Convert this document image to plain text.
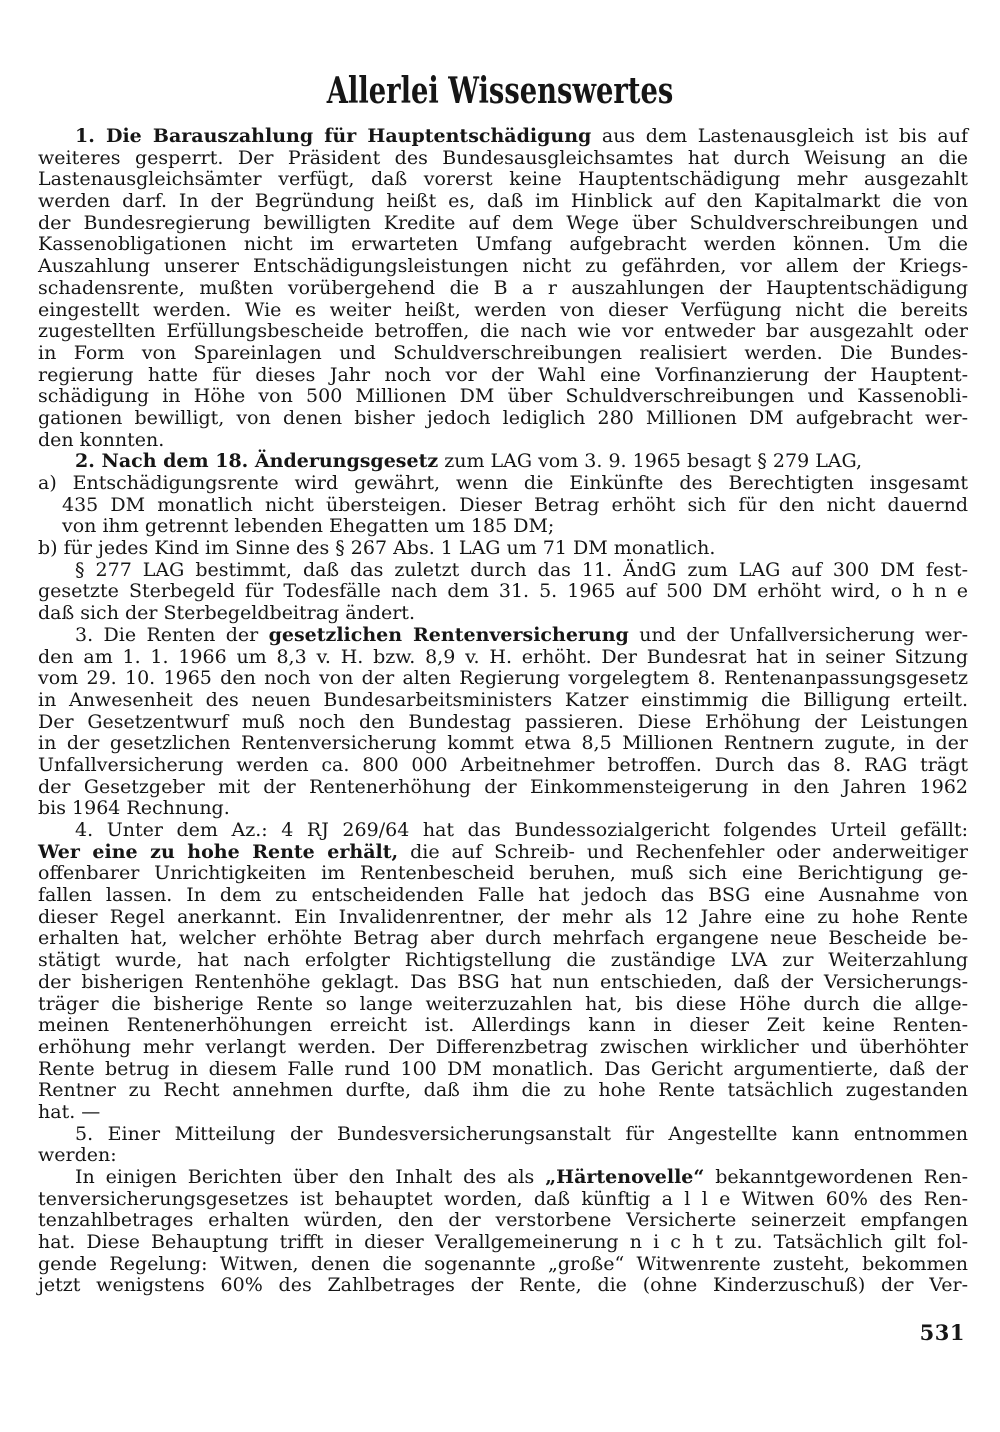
Allerlei Wissenswertes
1. Die Barauszahlung für Hauptentschädigung aus dem Lastenausgleich ist bis auf
weiteres gesperrt. Der Präsident des Bundesausgleichsamtes hat durch Weisung an die
Lastenausgleichsämter verfügt, daß vorerst keine Hauptentschädigung mehr ausgezahlt
werden darf. In der Begründung heißt es, daß im Hinblick auf den Kapitalmarkt die von
der Bundesregierung bewilligten Kredite auf dem Wege über Schuldverschreibungen und
Kassenobligationen nicht im erwarteten Umfang aufgebracht werden können. Um die
Auszahlung unserer Entschädigungsleistungen nicht zu gefährden, vor allem der Kriegs-
schadensrente, mußten vorübergehend die B a r auszahlungen der Hauptentschädigung
eingestellt werden. Wie es weiter heißt, werden von dieser Verfügung nicht die bereits
zugestellten Erfüllungsbescheide betroffen, die nach wie vor entweder bar ausgezahlt oder
in Form von Spareinlagen und Schuldverschreibungen realisiert werden. Die Bundes-
regierung hatte für dieses Jahr noch vor der Wahl eine Vorfinanzierung der Hauptent-
schädigung in Höhe von 500 Millionen DM über Schuldverschreibungen und Kassenobli-
gationen bewilligt, von denen bisher jedoch lediglich 280 Millionen DM aufgebracht wer-
den konnten.
2. Nach dem 18. Änderungsgesetz zum LAG vom 3. 9. 1965 besagt § 279 LAG,
a) Entschädigungsrente wird gewährt, wenn die Einkünfte des Berechtigten insgesamt
435 DM monatlich nicht übersteigen. Dieser Betrag erhöht sich für den nicht dauernd
von ihm getrennt lebenden Ehegatten um 185 DM;
b) für jedes Kind im Sinne des § 267 Abs. 1 LAG um 71 DM monatlich.
§ 277 LAG bestimmt, daß das zuletzt durch das 11. ÄndG zum LAG auf 300 DM fest-
gesetzte Sterbegeld für Todesfälle nach dem 31. 5. 1965 auf 500 DM erhöht wird, o h n e
daß sich der Sterbegeldbeitrag ändert.
3. Die Renten der gesetzlichen Rentenversicherung und der Unfallversicherung wer-
den am 1. 1. 1966 um 8,3 v. H. bzw. 8,9 v. H. erhöht. Der Bundesrat hat in seiner Sitzung
vom 29. 10. 1965 den noch von der alten Regierung vorgelegtem 8. Rentenanpassungsgesetz
in Anwesenheit des neuen Bundesarbeitsministers Katzer einstimmig die Billigung erteilt.
Der Gesetzentwurf muß noch den Bundestag passieren. Diese Erhöhung der Leistungen
in der gesetzlichen Rentenversicherung kommt etwa 8,5 Millionen Rentnern zugute, in der
Unfallversicherung werden ca. 800 000 Arbeitnehmer betroffen. Durch das 8. RAG trägt
der Gesetzgeber mit der Rentenerhöhung der Einkommensteigerung in den Jahren 1962
bis 1964 Rechnung.
4. Unter dem Az.: 4 RJ 269/64 hat das Bundessozialgericht folgendes Urteil gefällt:
Wer eine zu hohe Rente erhält, die auf Schreib- und Rechenfehler oder anderweitiger
offenbarer Unrichtigkeiten im Rentenbescheid beruhen, muß sich eine Berichtigung ge-
fallen lassen. In dem zu entscheidenden Falle hat jedoch das BSG eine Ausnahme von
dieser Regel anerkannt. Ein Invalidenrentner, der mehr als 12 Jahre eine zu hohe Rente
erhalten hat, welcher erhöhte Betrag aber durch mehrfach ergangene neue Bescheide be-
stätigt wurde, hat nach erfolgter Richtigstellung die zuständige LVA zur Weiterzahlung
der bisherigen Rentenhöhe geklagt. Das BSG hat nun entschieden, daß der Versicherungs-
träger die bisherige Rente so lange weiterzuzahlen hat, bis diese Höhe durch die allge-
meinen Rentenerhöhungen erreicht ist. Allerdings kann in dieser Zeit keine Renten-
erhöhung mehr verlangt werden. Der Differenzbetrag zwischen wirklicher und überhöhter
Rente betrug in diesem Falle rund 100 DM monatlich. Das Gericht argumentierte, daß der
Rentner zu Recht annehmen durfte, daß ihm die zu hohe Rente tatsächlich zugestanden
hat. —
5. Einer Mitteilung der Bundesversicherungsanstalt für Angestellte kann entnommen
werden:
In einigen Berichten über den Inhalt des als „Härtenovelle“ bekanntgewordenen Ren-
tenversicherungsgesetzes ist behauptet worden, daß künftig a l l e Witwen 60% des Ren-
tenzahlbetrages erhalten würden, den der verstorbene Versicherte seinerzeit empfangen
hat. Diese Behauptung trifft in dieser Verallgemeinerung n i c h t zu. Tatsächlich gilt fol-
gende Regelung: Witwen, denen die sogenannte „große“ Witwenrente zusteht, bekommen
jetzt wenigstens 60% des Zahlbetrages der Rente, die (ohne Kinderzuschuß) der Ver-
531
